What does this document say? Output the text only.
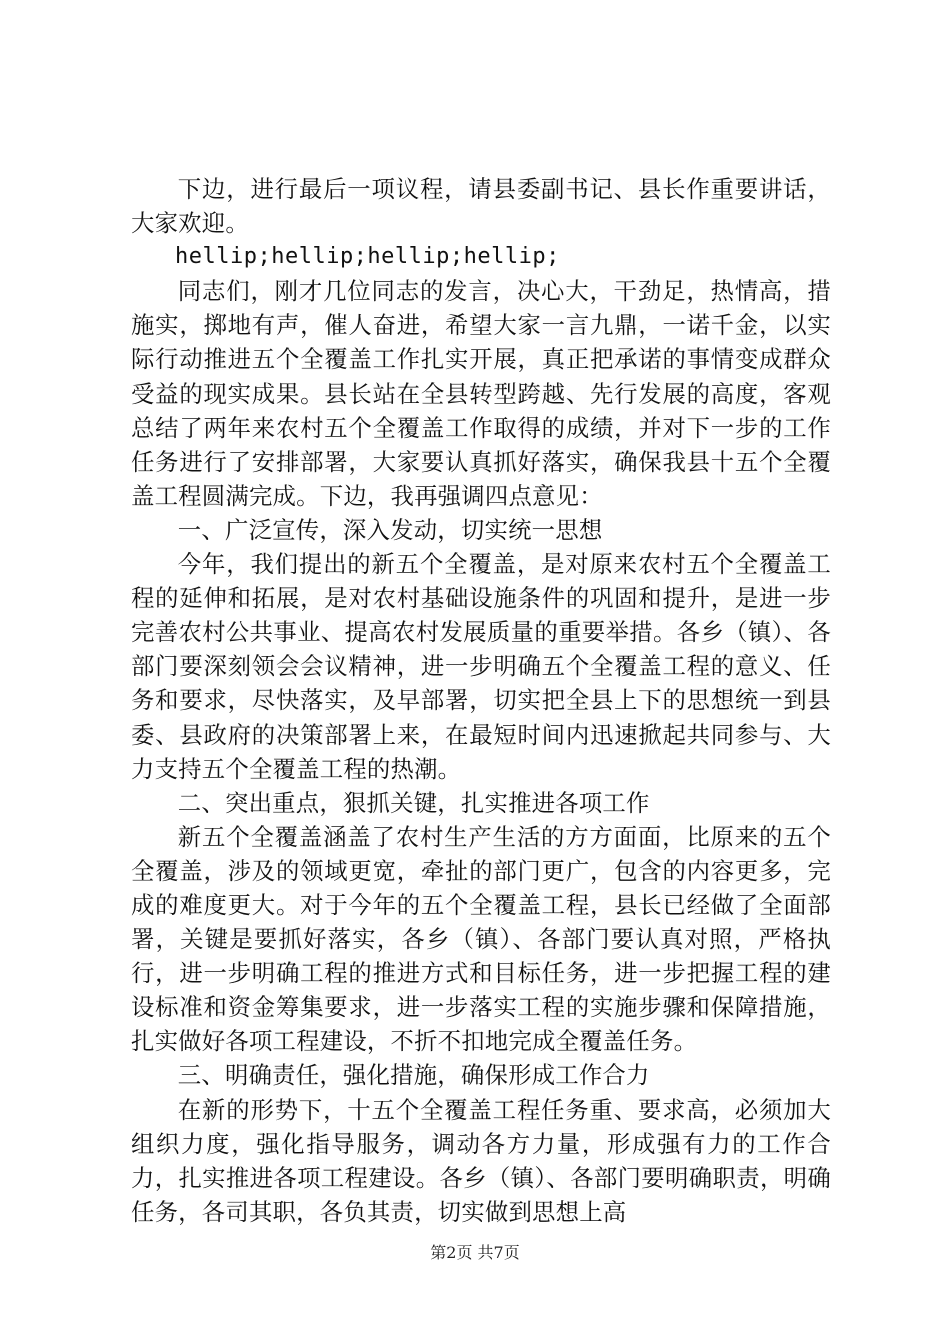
下边，进行最后一项议程，请县委副书记、县长作重要讲话，大家欢迎。

hellip;hellip;hellip;hellip;

同志们，刚才几位同志的发言，决心大，干劲足，热情高，措施实，掷地有声，催人奋进，希望大家一言九鼎，一诺千金，以实际行动推进五个全覆盖工作扎实开展，真正把承诺的事情变成群众受益的现实成果。县长站在全县转型跨越、先行发展的高度，客观总结了两年来农村五个全覆盖工作取得的成绩，并对下一步的工作任务进行了安排部署，大家要认真抓好落实，确保我县十五个全覆盖工程圆满完成。下边，我再强调四点意见：

一、广泛宣传，深入发动，切实统一思想

今年，我们提出的新五个全覆盖，是对原来农村五个全覆盖工程的延伸和拓展，是对农村基础设施条件的巩固和提升，是进一步完善农村公共事业、提高农村发展质量的重要举措。各乡（镇）、各部门要深刻领会会议精神，进一步明确五个全覆盖工程的意义、任务和要求，尽快落实，及早部署，切实把全县上下的思想统一到县委、县政府的决策部署上来，在最短时间内迅速掀起共同参与、大力支持五个全覆盖工程的热潮。

二、突出重点，狠抓关键，扎实推进各项工作

新五个全覆盖涵盖了农村生产生活的方方面面，比原来的五个全覆盖，涉及的领域更宽，牵扯的部门更广，包含的内容更多，完成的难度更大。对于今年的五个全覆盖工程，县长已经做了全面部署，关键是要抓好落实，各乡（镇）、各部门要认真对照，严格执行，进一步明确工程的推进方式和目标任务，进一步把握工程的建设标准和资金筹集要求，进一步落实工程的实施步骤和保障措施，扎实做好各项工程建设，不折不扣地完成全覆盖任务。

三、明确责任，强化措施，确保形成工作合力

在新的形势下，十五个全覆盖工程任务重、要求高，必须加大组织力度，强化指导服务，调动各方力量，形成强有力的工作合力，扎实推进各项工程建设。各乡（镇）、各部门要明确职责，明确任务，各司其职，各负其责，切实做到思想上高

第2页 共7页
